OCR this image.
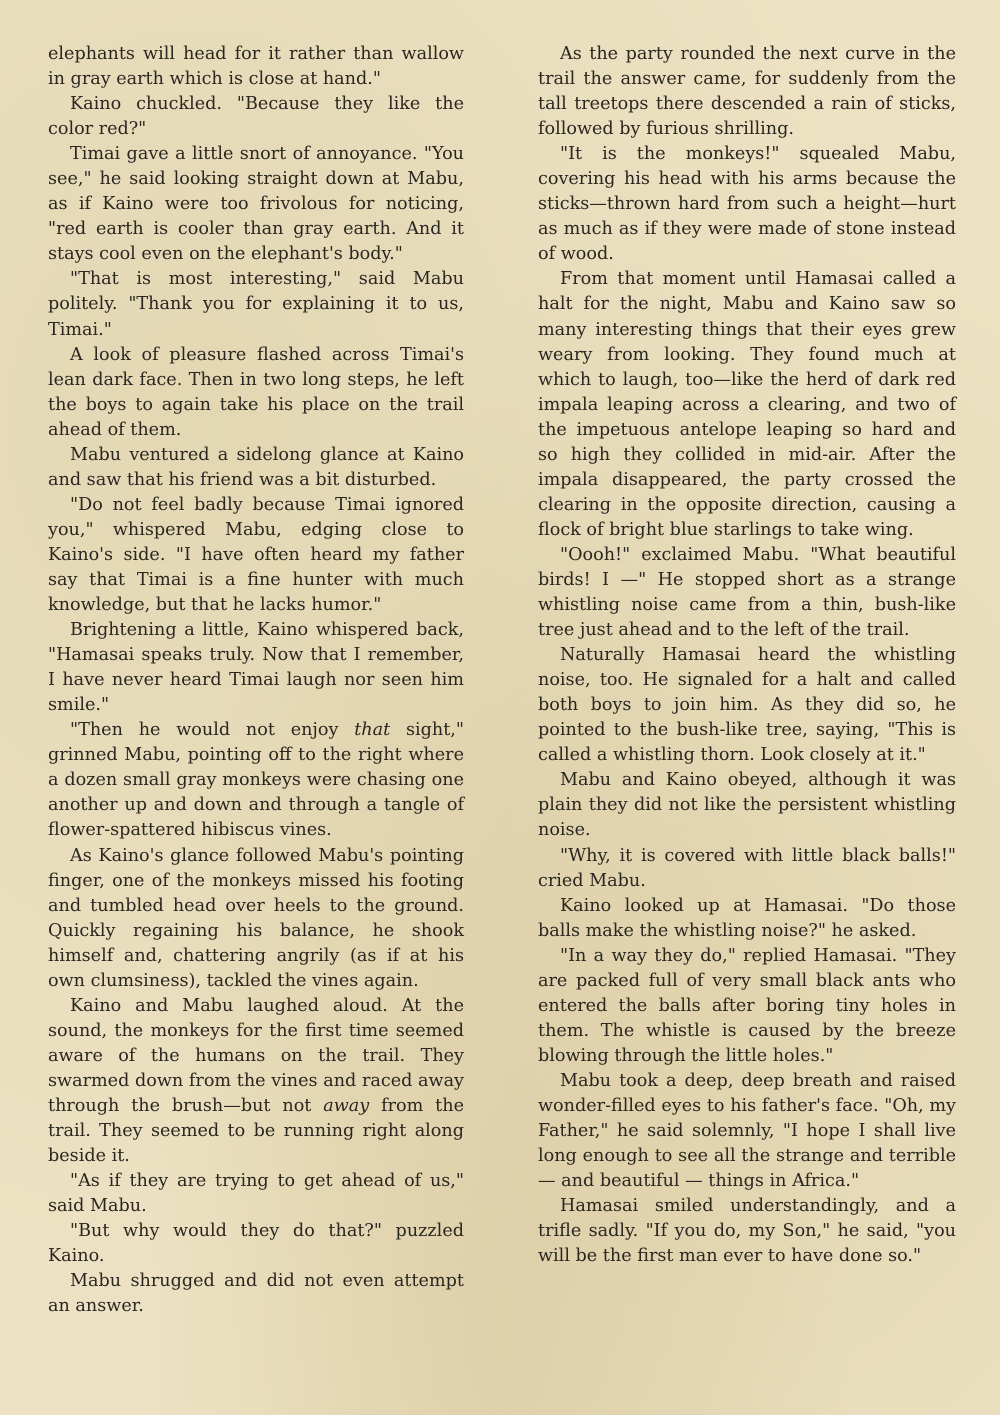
elephants will head for it rather than wallow in gray earth which is close at hand."

Kaino chuckled. "Because they like the color red?"

Timai gave a little snort of annoyance. "You see," he said looking straight down at Mabu, as if Kaino were too frivolous for noticing, "red earth is cooler than gray earth. And it stays cool even on the elephant's body."

"That is most interesting," said Mabu politely. "Thank you for explaining it to us, Timai."

A look of pleasure flashed across Timai's lean dark face. Then in two long steps, he left the boys to again take his place on the trail ahead of them.

Mabu ventured a sidelong glance at Kaino and saw that his friend was a bit disturbed.

"Do not feel badly because Timai ignored you," whispered Mabu, edging close to Kaino's side. "I have often heard my father say that Timai is a fine hunter with much knowledge, but that he lacks humor."

Brightening a little, Kaino whispered back, "Hamasai speaks truly. Now that I remember, I have never heard Timai laugh nor seen him smile."

"Then he would not enjoy that sight," grinned Mabu, pointing off to the right where a dozen small gray monkeys were chasing one another up and down and through a tangle of flower-spattered hibiscus vines.

As Kaino's glance followed Mabu's pointing finger, one of the monkeys missed his footing and tumbled head over heels to the ground. Quickly regaining his balance, he shook himself and, chattering angrily (as if at his own clumsiness), tackled the vines again.

Kaino and Mabu laughed aloud. At the sound, the monkeys for the first time seemed aware of the humans on the trail. They swarmed down from the vines and raced away through the brush—but not away from the trail. They seemed to be running right along beside it.

"As if they are trying to get ahead of us," said Mabu.

"But why would they do that?" puzzled Kaino.

Mabu shrugged and did not even attempt an answer.

As the party rounded the next curve in the trail the answer came, for suddenly from the tall treetops there descended a rain of sticks, followed by furious shrilling.

"It is the monkeys!" squealed Mabu, covering his head with his arms because the sticks—thrown hard from such a height—hurt as much as if they were made of stone instead of wood.

From that moment until Hamasai called a halt for the night, Mabu and Kaino saw so many interesting things that their eyes grew weary from looking. They found much at which to laugh, too—like the herd of dark red impala leaping across a clearing, and two of the impetuous antelope leaping so hard and so high they collided in mid-air. After the impala disappeared, the party crossed the clearing in the opposite direction, causing a flock of bright blue starlings to take wing.

"Oooh!" exclaimed Mabu. "What beautiful birds! I —" He stopped short as a strange whistling noise came from a thin, bush-like tree just ahead and to the left of the trail.

Naturally Hamasai heard the whistling noise, too. He signaled for a halt and called both boys to join him. As they did so, he pointed to the bush-like tree, saying, "This is called a whistling thorn. Look closely at it."

Mabu and Kaino obeyed, although it was plain they did not like the persistent whistling noise.

"Why, it is covered with little black balls!" cried Mabu.

Kaino looked up at Hamasai. "Do those balls make the whistling noise?" he asked.

"In a way they do," replied Hamasai. "They are packed full of very small black ants who entered the balls after boring tiny holes in them. The whistle is caused by the breeze blowing through the little holes."

Mabu took a deep, deep breath and raised wonder-filled eyes to his father's face. "Oh, my Father," he said solemnly, "I hope I shall live long enough to see all the strange and terrible — and beautiful — things in Africa."

Hamasai smiled understandingly, and a trifle sadly. "If you do, my Son," he said, "you will be the first man ever to have done so."
